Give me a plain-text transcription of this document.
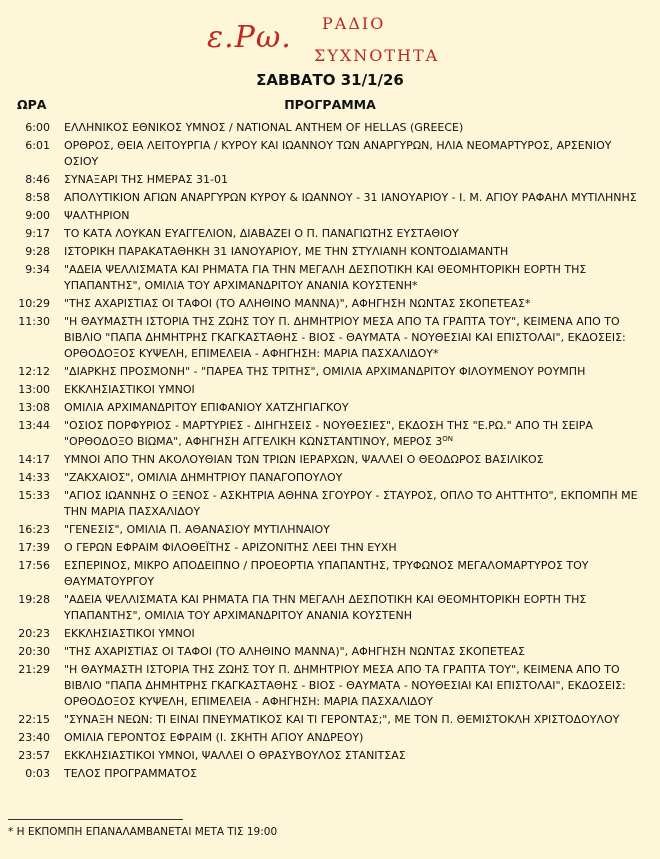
ε.Ρω. ΡΑΔΙΟ
ΣΥΧΝΟΤΗΤΑ
ΣΑΒΒΑΤΟ 31/1/26
ΩΡΑ	ΠΡΟΓΡΑΜΜΑ
6:00 ΕΛΛΗΝΙΚΟΣ ΕΘΝΙΚΟΣ ΥΜΝΟΣ / NATIONAL ANTHEM OF HELLAS (GREECE)
6:01 ΟΡΘΡΟΣ, ΘΕΙΑ ΛΕΙΤΟΥΡΓΙΑ / ΚΥΡΟΥ ΚΑΙ ΙΩΑΝΝΟΥ ΤΩΝ ΑΝΑΡΓΥΡΩΝ, ΗΛΙΑ ΝΕΟΜΑΡΤΥΡΟΣ, ΑΡΣΕΝΙΟΥ ΟΣΙΟΥ
8:46 ΣΥΝΑΞΑΡΙ ΤΗΣ ΗΜΕΡΑΣ 31-01
8:58 ΑΠΟΛΥΤΙΚΙΟΝ ΑΓΙΩΝ ΑΝΑΡΓΥΡΩΝ ΚΥΡΟΥ & ΙΩΑΝΝΟΥ - 31 ΙΑΝΟΥΑΡΙΟΥ - Ι. Μ. ΑΓΙΟΥ ΡΑΦΑΗΛ ΜΥΤΙΛΗΝΗΣ
9:00 ΨΑΛΤΗΡΙΟΝ
9:17 ΤΟ ΚΑΤΑ ΛΟΥΚΑΝ ΕΥΑΓΓΕΛΙΟΝ, ΔΙΑΒΑΖΕΙ Ο Π. ΠΑΝΑΓΙΩΤΗΣ ΕΥΣΤΑΘΙΟΥ
9:28 ΙΣΤΟΡΙΚΗ ΠΑΡΑΚΑΤΑΘΗΚΗ 31 ΙΑΝΟΥΑΡΙΟΥ, ΜΕ ΤΗΝ ΣΤΥΛΙΑΝΗ ΚΟΝΤΟΔΙΑΜΑΝΤΗ
9:34 "ΑΔΕΙΑ ΨΕΛΛΙΣΜΑΤΑ ΚΑΙ ΡΗΜΑΤΑ ΓΙΑ ΤΗΝ ΜΕΓΑΛΗ ΔΕΣΠΟΤΙΚΗ ΚΑΙ ΘΕΟΜΗΤΟΡΙΚΗ ΕΟΡΤΗ ΤΗΣ ΥΠΑΠΑΝΤΗΣ", ΟΜΙΛΙΑ ΤΟΥ ΑΡΧΙΜΑΝΔΡΙΤΟΥ ΑΝΑΝΙΑ ΚΟΥΣΤΕΝΗ*
10:29 "ΤΗΣ ΑΧΑΡΙΣΤΙΑΣ ΟΙ ΤΑΦΟΙ (ΤΟ ΑΛΗΘΙΝΟ ΜΑΝΝΑ)", ΑΦΗΓΗΣΗ ΝΩΝΤΑΣ ΣΚΟΠΕΤΕΑΣ*
11:30 "Η ΘΑΥΜΑΣΤΗ ΙΣΤΟΡΙΑ ΤΗΣ ΖΩΗΣ ΤΟΥ Π. ΔΗΜΗΤΡΙΟΥ ΜΕΣΑ ΑΠΟ ΤΑ ΓΡΑΠΤΑ ΤΟΥ", ΚΕΙΜΕΝΑ ΑΠΟ ΤΟ ΒΙΒΛΙΟ "ΠΑΠΑ ΔΗΜΗΤΡΗΣ ΓΚΑΓΚΑΣΤΑΘΗΣ - ΒΙΟΣ - ΘΑΥΜΑΤΑ - ΝΟΥΘΕΣΙΑΙ ΚΑΙ ΕΠΙΣΤΟΛΑΙ", ΕΚΔΟΣΕΙΣ: ΟΡΘΟΔΟΞΟΣ ΚΥΨΕΛΗ, ΕΠΙΜΕΛΕΙΑ - ΑΦΗΓΗΣΗ: ΜΑΡΙΑ ΠΑΣΧΑΛΙΔΟΥ*
12:12 "ΔΙΑΡΚΗΣ ΠΡΟΣΜΟΝΗ" - "ΠΑΡΕΑ ΤΗΣ ΤΡΙΤΗΣ", ΟΜΙΛΙΑ ΑΡΧΙΜΑΝΔΡΙΤΟΥ ΦΙΛΟΥΜΕΝΟΥ ΡΟΥΜΠΗ
13:00 ΕΚΚΛΗΣΙΑΣΤΙΚΟΙ ΥΜΝΟΙ
13:08 ΟΜΙΛΙΑ ΑΡΧΙΜΑΝΔΡΙΤΟΥ ΕΠΙΦΑΝΙΟΥ ΧΑΤΖΗΓΙΑΓΚΟΥ
13:44 "ΟΣΙΟΣ ΠΟΡΦΥΡΙΟΣ - ΜΑΡΤΥΡΙΕΣ - ΔΙΗΓΗΣΕΙΣ - ΝΟΥΘΕΣΙΕΣ", ΕΚΔΟΣΗ ΤΗΣ "Ε.ΡΩ." ΑΠΟ ΤΗ ΣΕΙΡΑ "ΟΡΘΟΔΟΞΟ ΒΙΩΜΑ", ΑΦΗΓΗΣΗ ΑΓΓΕΛΙΚΗ ΚΩΝΣΤΑΝΤΙΝΟΥ, ΜΕΡΟΣ $3^{ON}$
14:17 ΥΜΝΟΙ ΑΠΟ ΤΗΝ ΑΚΟΛΟΥΘΙΑΝ ΤΩΝ ΤΡΙΩΝ ΙΕΡΑΡΧΩΝ, ΨΑΛΛΕΙ Ο ΘΕΟΔΩΡΟΣ ΒΑΣΙΛΙΚΟΣ
14:33 "ΖΑΚΧΑΙΟΣ", ΟΜΙΛΙΑ ΔΗΜΗΤΡΙΟΥ ΠΑΝΑΓΟΠΟΥΛΟΥ
15:33 "ΑΓΙΟΣ ΙΩΑΝΝΗΣ Ο ΞΕΝΟΣ - ΑΣΚΗΤΡΙΑ ΑΘΗΝΑ ΣΓΟΥΡΟΥ - ΣΤΑΥΡΟΣ, ΟΠΛΟ ΤΟ ΑΗΤΤΗΤΟ", ΕΚΠΟΜΠΗ ΜΕ ΤΗΝ ΜΑΡΙΑ ΠΑΣΧΑΛΙΔΟΥ
16:23 "ΓΕΝΕΣΙΣ", ΟΜΙΛΙΑ Π. ΑΘΑΝΑΣΙΟΥ ΜΥΤΙΛΗΝΑΙΟΥ
17:39 Ο ΓΕΡΩΝ ΕΦΡΑΙΜ ΦΙΛΟΘΕΪΤΗΣ - ΑΡΙΖΟΝΙΤΗΣ ΛΕΕΙ ΤΗΝ ΕΥΧΗ
17:56 ΕΣΠΕΡΙΝΟΣ, ΜΙΚΡΟ ΑΠΟΔΕΙΠΝΟ / ΠΡΟΕΟΡΤΙΑ ΥΠΑΠΑΝΤΗΣ, ΤΡΥΦΩΝΟΣ ΜΕΓΑΛΟΜΑΡΤΥΡΟΣ ΤΟΥ ΘΑΥΜΑΤΟΥΡΓΟΥ
19:28 "ΑΔΕΙΑ ΨΕΛΛΙΣΜΑΤΑ ΚΑΙ ΡΗΜΑΤΑ ΓΙΑ ΤΗΝ ΜΕΓΑΛΗ ΔΕΣΠΟΤΙΚΗ ΚΑΙ ΘΕΟΜΗΤΟΡΙΚΗ ΕΟΡΤΗ ΤΗΣ ΥΠΑΠΑΝΤΗΣ", ΟΜΙΛΙΑ ΤΟΥ ΑΡΧΙΜΑΝΔΡΙΤΟΥ ΑΝΑΝΙΑ ΚΟΥΣΤΕΝΗ
20:23 ΕΚΚΛΗΣΙΑΣΤΙΚΟΙ ΥΜΝΟΙ
20:30 "ΤΗΣ ΑΧΑΡΙΣΤΙΑΣ ΟΙ ΤΑΦΟΙ (ΤΟ ΑΛΗΘΙΝΟ ΜΑΝΝΑ)", ΑΦΗΓΗΣΗ ΝΩΝΤΑΣ ΣΚΟΠΕΤΕΑΣ
21:29 "Η ΘΑΥΜΑΣΤΗ ΙΣΤΟΡΙΑ ΤΗΣ ΖΩΗΣ ΤΟΥ Π. ΔΗΜΗΤΡΙΟΥ ΜΕΣΑ ΑΠΟ ΤΑ ΓΡΑΠΤΑ ΤΟΥ", ΚΕΙΜΕΝΑ ΑΠΟ ΤΟ ΒΙΒΛΙΟ "ΠΑΠΑ ΔΗΜΗΤΡΗΣ ΓΚΑΓΚΑΣΤΑΘΗΣ - ΒΙΟΣ - ΘΑΥΜΑΤΑ - ΝΟΥΘΕΣΙΑΙ ΚΑΙ ΕΠΙΣΤΟΛΑΙ", ΕΚΔΟΣΕΙΣ: ΟΡΘΟΔΟΞΟΣ ΚΥΨΕΛΗ, ΕΠΙΜΕΛΕΙΑ - ΑΦΗΓΗΣΗ: ΜΑΡΙΑ ΠΑΣΧΑΛΙΔΟΥ
22:15 "ΣΥΝΑΞΗ ΝΕΩΝ: ΤΙ ΕΙΝΑΙ ΠΝΕΥΜΑΤΙΚΟΣ ΚΑΙ ΤΙ ΓΕΡΟΝΤΑΣ;", ΜΕ ΤΟΝ Π. ΘΕΜΙΣΤΟΚΛΗ ΧΡΙΣΤΟΔΟΥΛΟΥ
23:40 ΟΜΙΛΙΑ ΓΕΡΟΝΤΟΣ ΕΦΡΑΙΜ (Ι. ΣΚΗΤΗ ΑΓΙΟΥ ΑΝΔΡΕΟΥ)
23:57 ΕΚΚΛΗΣΙΑΣΤΙΚΟΙ ΥΜΝΟΙ, ΨΑΛΛΕΙ Ο ΘΡΑΣΥΒΟΥΛΟΣ ΣΤΑΝΙΤΣΑΣ
0:03 ΤΕΛΟΣ ΠΡΟΓΡΑΜΜΑΤΟΣ
* Η ΕΚΠΟΜΠΗ ΕΠΑΝΑΛΑΜΒΑΝΕΤΑΙ ΜΕΤΑ ΤΙΣ 19:00
